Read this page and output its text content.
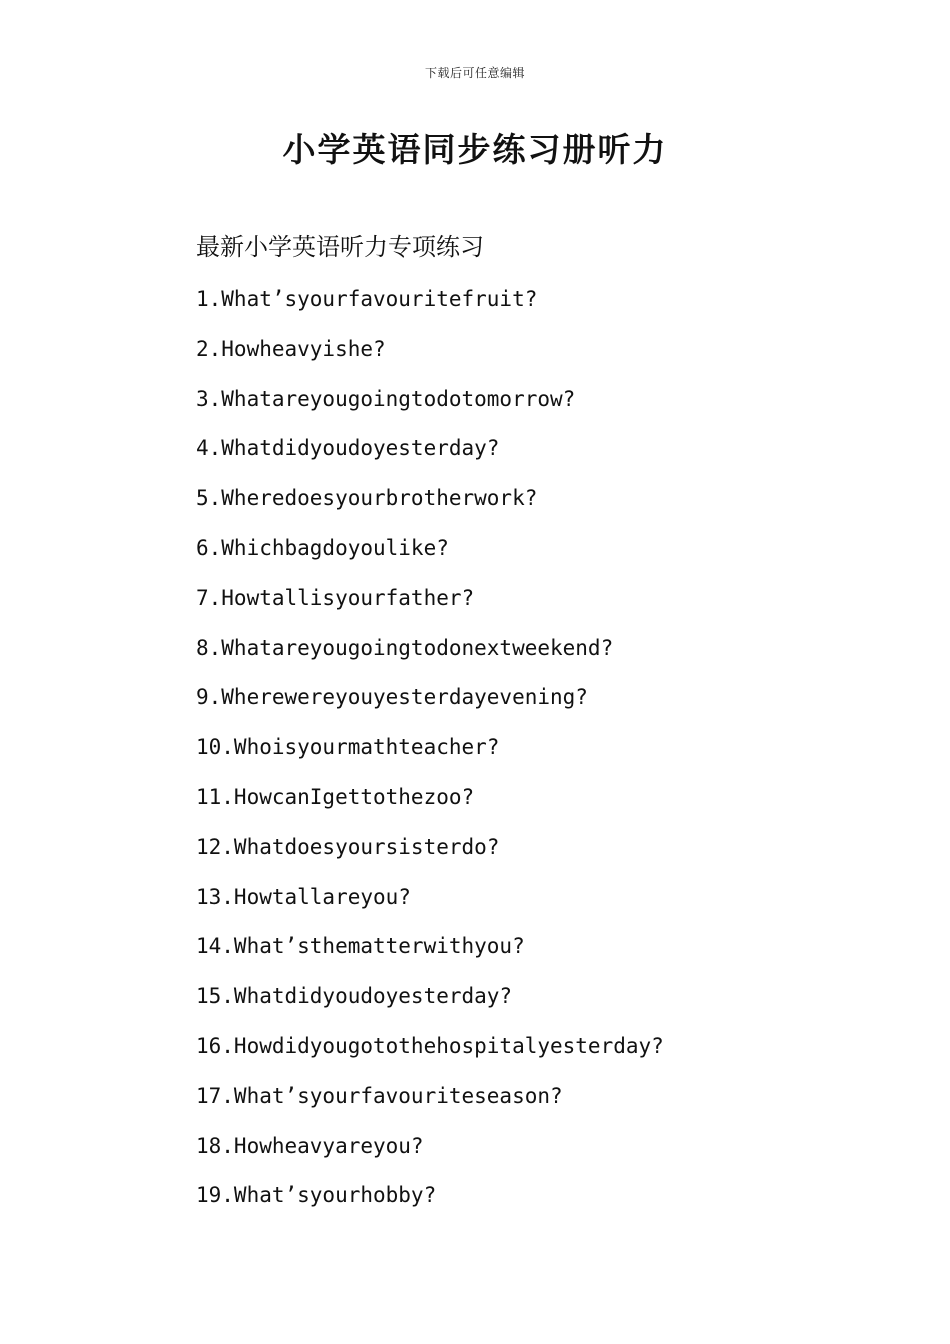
下载后可任意编辑
小学英语同步练习册听力
最新小学英语听力专项练习
1.What’syourfavouritefruit?
2.Howheavyishe?
3.Whatareyougoingtodotomorrow?
4.Whatdidyoudoyesterday?
5.Wheredoesyourbrotherwork?
6.Whichbagdoyoulike?
7.Howtallisyourfather?
8.Whatareyougoingtodonextweekend?
9.Wherewereyouyesterdayevening?
10.Whoisyourmathteacher?
11.HowcanIgettothezoo?
12.Whatdoesyoursisterdo?
13.Howtallareyou?
14.What’sthematterwithyou?
15.Whatdidyoudoyesterday?
16.Howdidyougotothehospitalyesterday?
17.What’syourfavouriteseason?
18.Howheavyareyou?
19.What’syourhobby?
